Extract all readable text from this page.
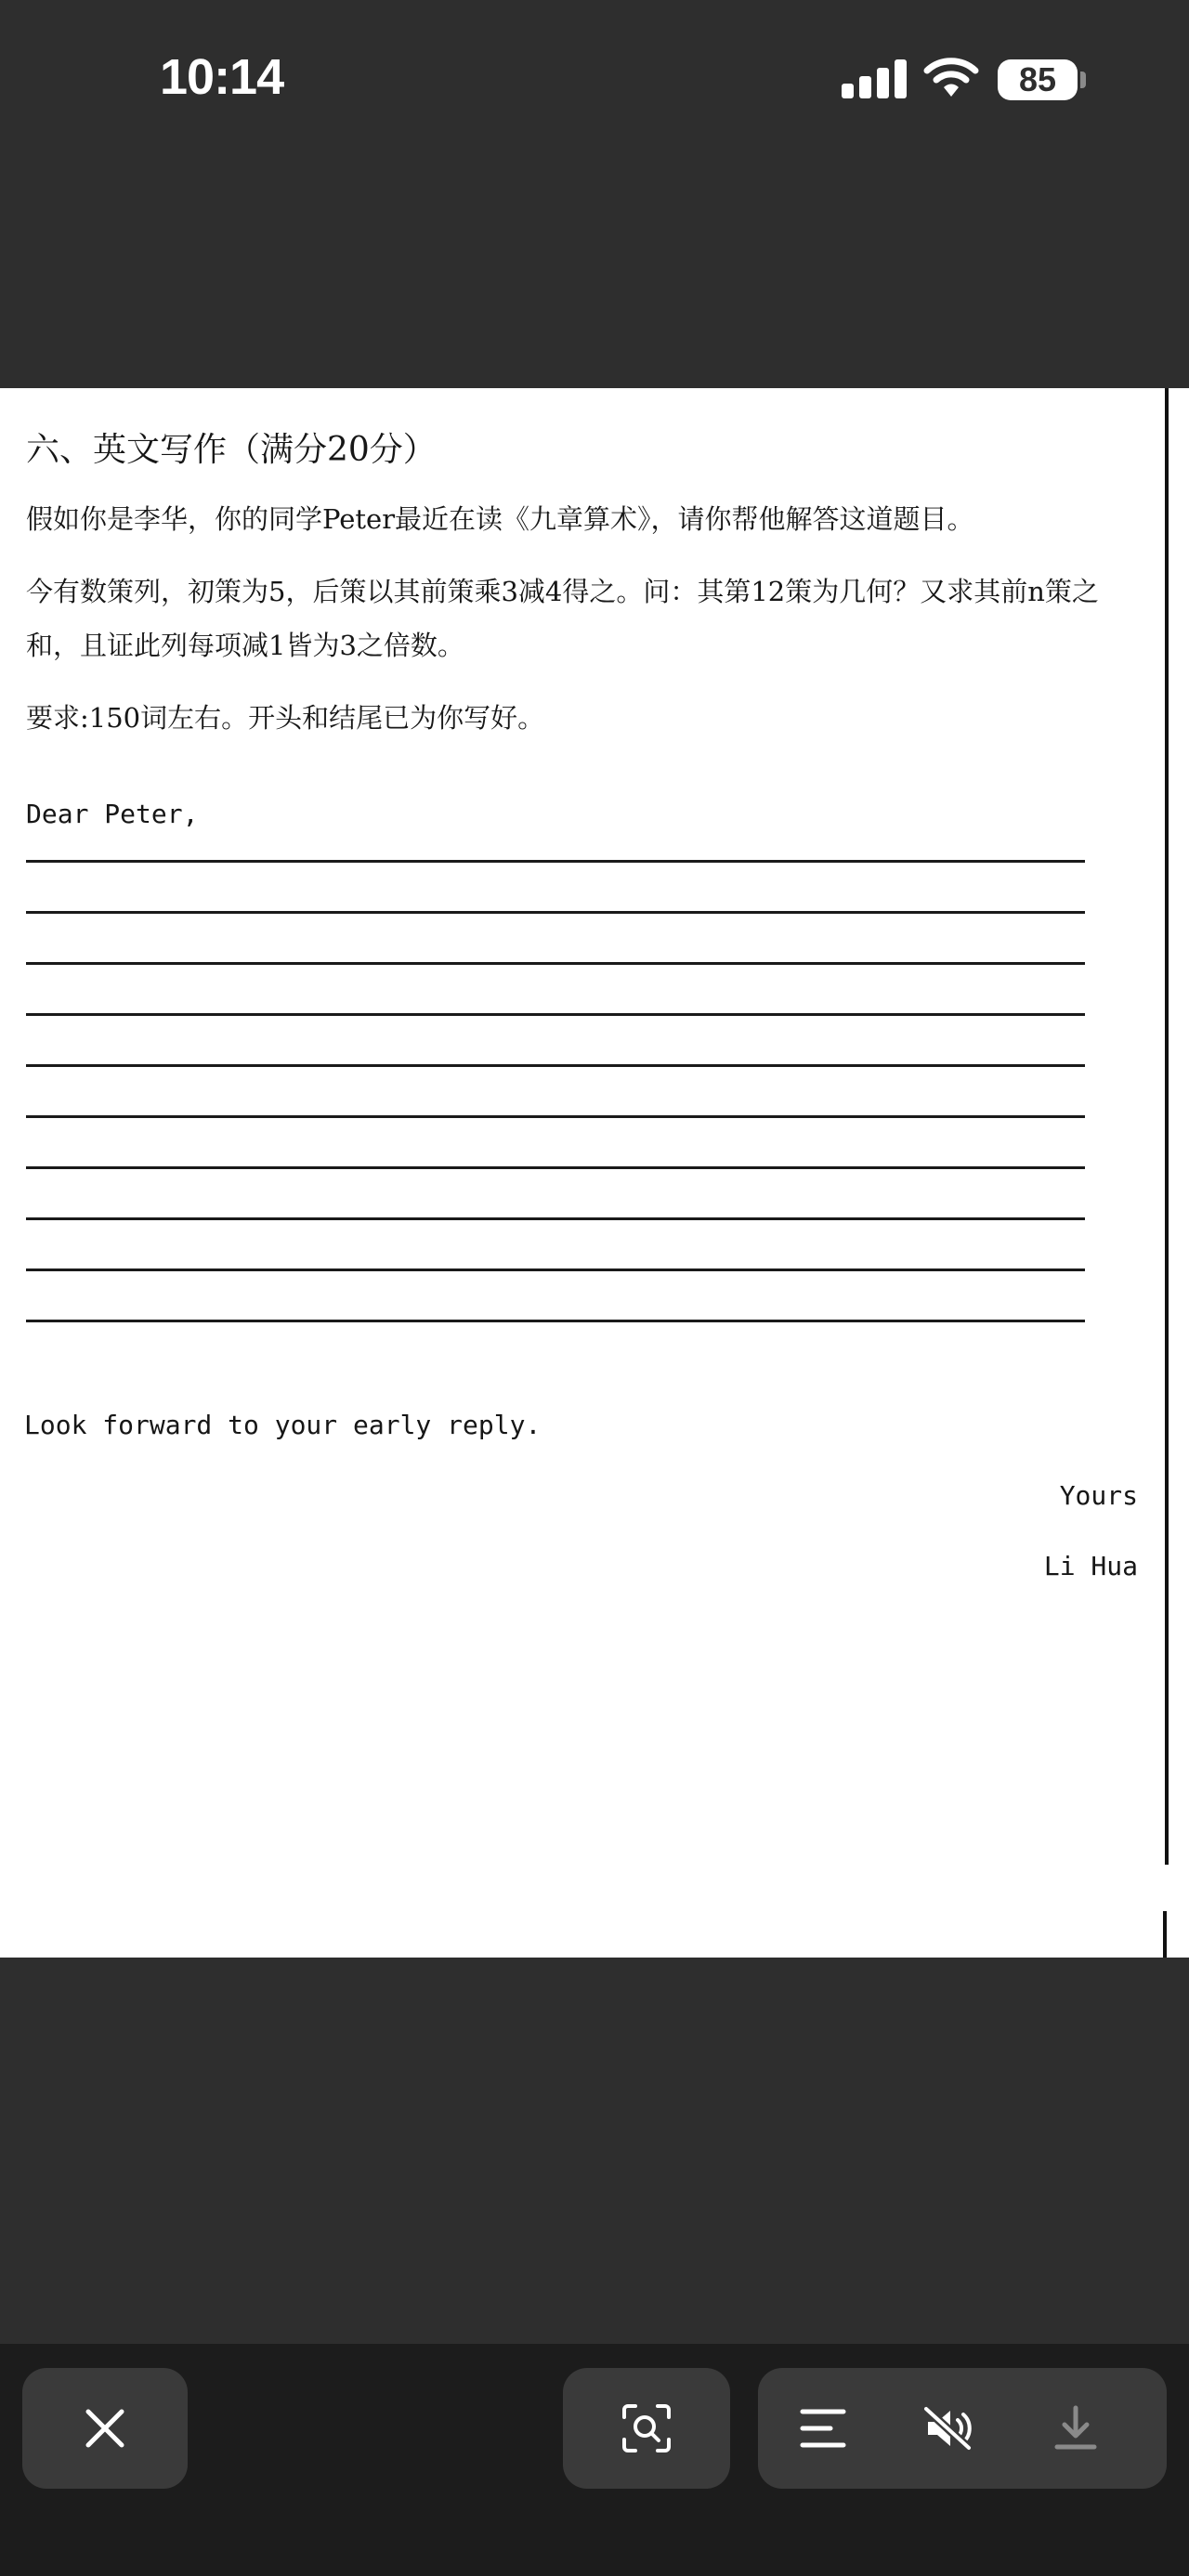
10:14	85
六、英文写作（满分20分）

假如你是李华，你的同学Peter最近在读《九章算术》，请你帮他解答这道题目。

今有数策列，初策为5，后策以其前策乘3减4得之。问：其第12策为几何？又求其前n策之和，且证此列每项减1皆为3之倍数。

要求:150词左右。开头和结尾已为你写好。

Dear Peter,
Look forward to your early reply.
Yours
Li Hua
